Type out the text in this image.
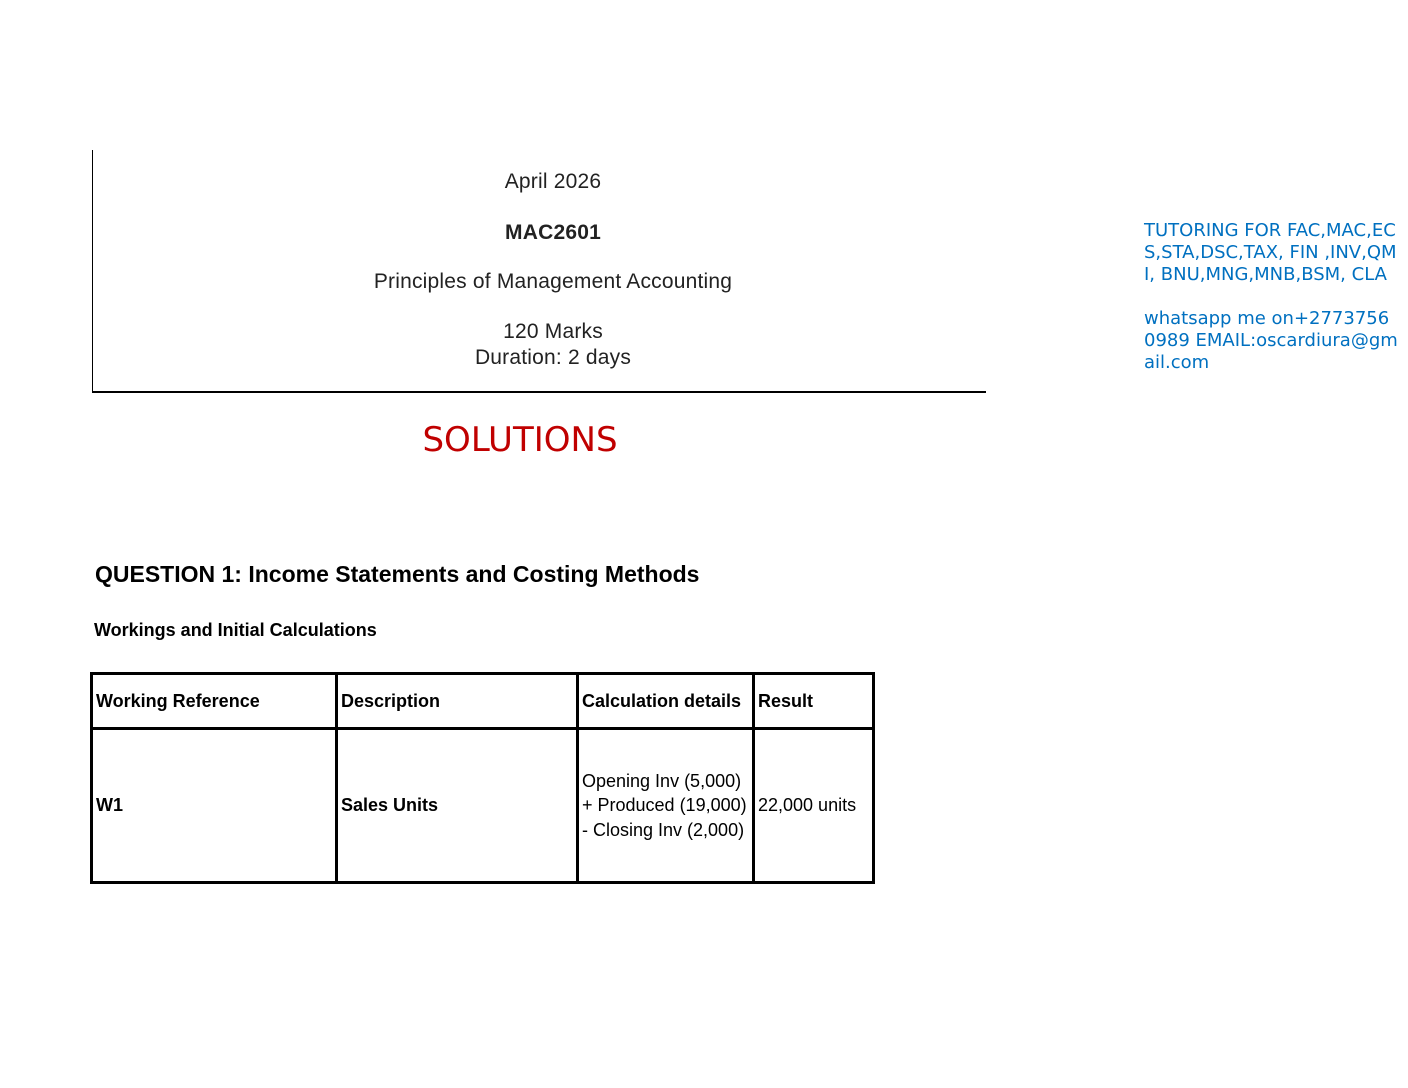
April 2026
MAC2601
Principles of Management Accounting
120 Marks
Duration: 2 days
SOLUTIONS

TUTORING FOR FAC,MAC,ECS,STA,DSC,TAX, FIN ,INV,QMI, BNU,MNG,MNB,BSM, CLA

whatsapp me on+27737560989 EMAIL:oscardiura@gmail.com

QUESTION 1: Income Statements and Costing Methods
Workings and Initial Calculations
Working Reference	Description	Calculation details	Result
W1	Sales Units	Opening Inv (5,000) + Produced (19,000) - Closing Inv (2,000)	22,000 units
